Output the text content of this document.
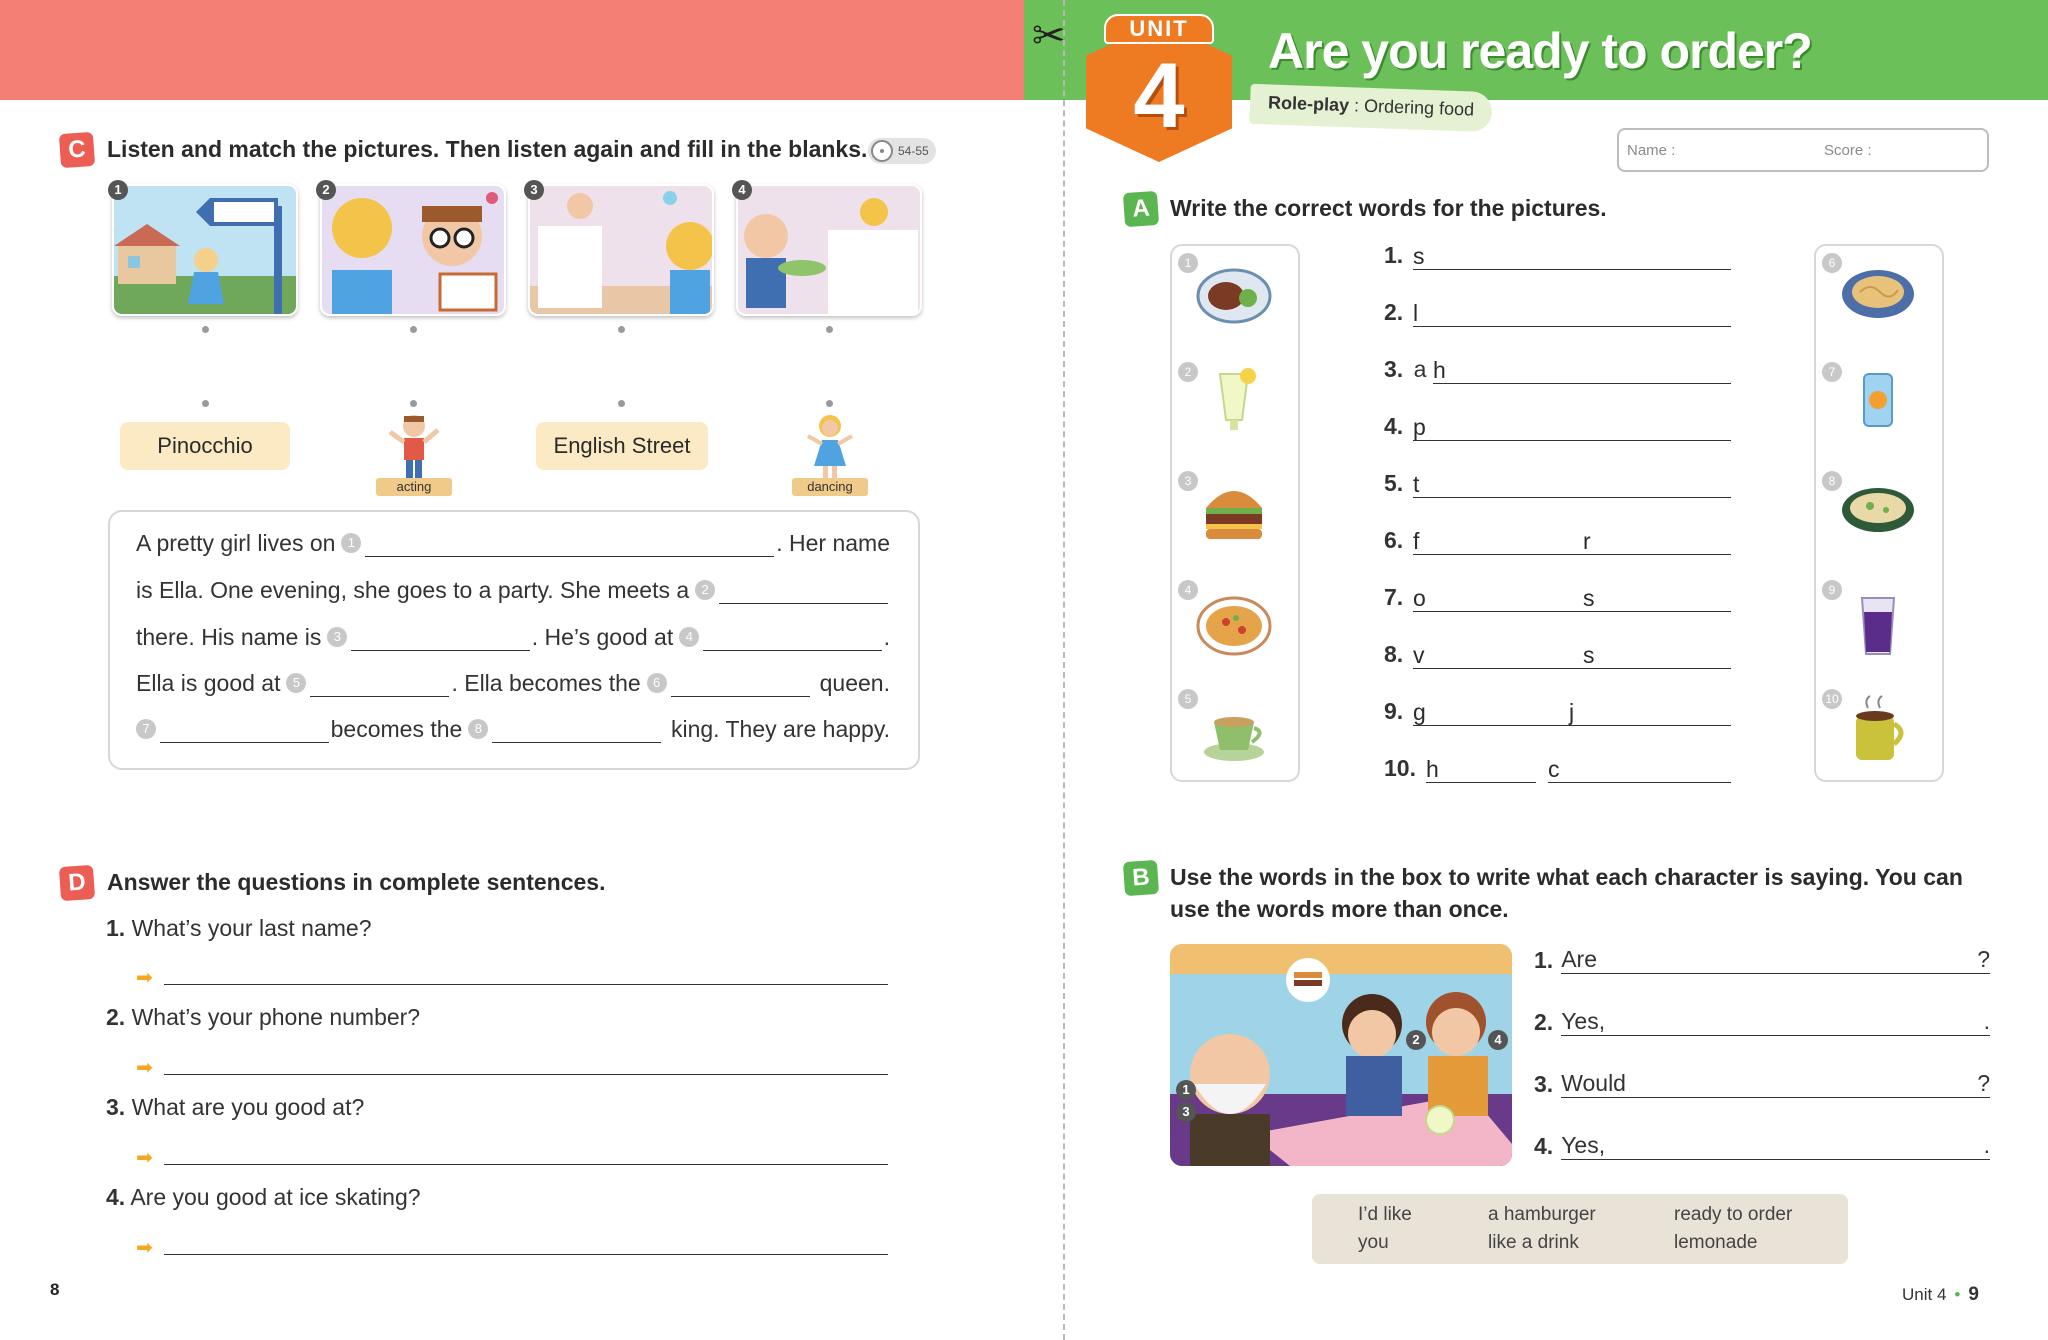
✂	UNIT
4	Are you ready to order?
Role-play : Ordering food
Name :	Score :
C Listen and match the pictures. Then listen again and fill in the blanks.	54-55
1	2	3	4
Pinocchio
acting
English Street
dancing
A pretty girl lives on 1	. Her name
is Ella. One evening, she goes to a party. She meets a 2
there. His name is 3	. He’s good at 4	.
Ella is good at 5	. Ella becomes the 6	queen.
7	becomes the 8	king. They are happy.
D Answer the questions in complete sentences.
1. What’s your last name?
➡
2. What’s your phone number?
➡
3. What are you good at?
➡
4. Are you good at ice skating?
➡
A Write the correct words for the pictures.
1
2
3
4
5
6
7
8
9
10
1. s
2. l
3. a h
4. p
5. t
6. f	r
7. o	s
8. v	s
9. g	j
10. h	c
B Use the words in the box to write what each character is saying. You can
use the words more than once.
1
2
3
4
1. Are	?
2. Yes,	.
3. Would	?
4. Yes,	.
I’d like
you
a hamburger
like a drink
ready to order
lemonade
8	Unit 4 • 9
